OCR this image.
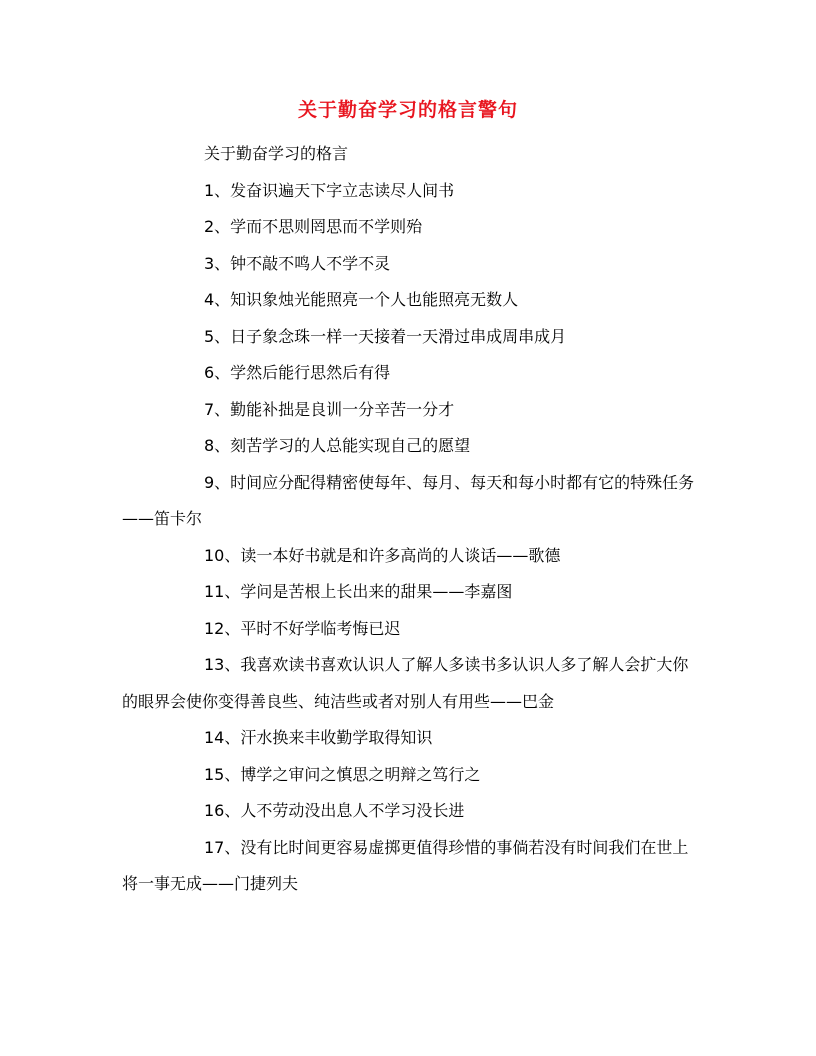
关于勤奋学习的格言警句

关于勤奋学习的格言

1、发奋识遍天下字立志读尽人间书

2、学而不思则罔思而不学则殆

3、钟不敲不鸣人不学不灵

4、知识象烛光能照亮一个人也能照亮无数人

5、日子象念珠一样一天接着一天滑过串成周串成月

6、学然后能行思然后有得

7、勤能补拙是良训一分辛苦一分才

8、刻苦学习的人总能实现自己的愿望

9、时间应分配得精密使每年、每月、每天和每小时都有它的特殊任务——笛卡尔

10、读一本好书就是和许多高尚的人谈话——歌德

11、学问是苦根上长出来的甜果——李嘉图

12、平时不好学临考悔已迟

13、我喜欢读书喜欢认识人了解人多读书多认识人多了解人会扩大你的眼界会使你变得善良些、纯洁些或者对别人有用些——巴金

14、汗水换来丰收勤学取得知识

15、博学之审问之慎思之明辩之笃行之

16、人不劳动没出息人不学习没长进

17、没有比时间更容易虚掷更值得珍惜的事倘若没有时间我们在世上将一事无成——门捷列夫
